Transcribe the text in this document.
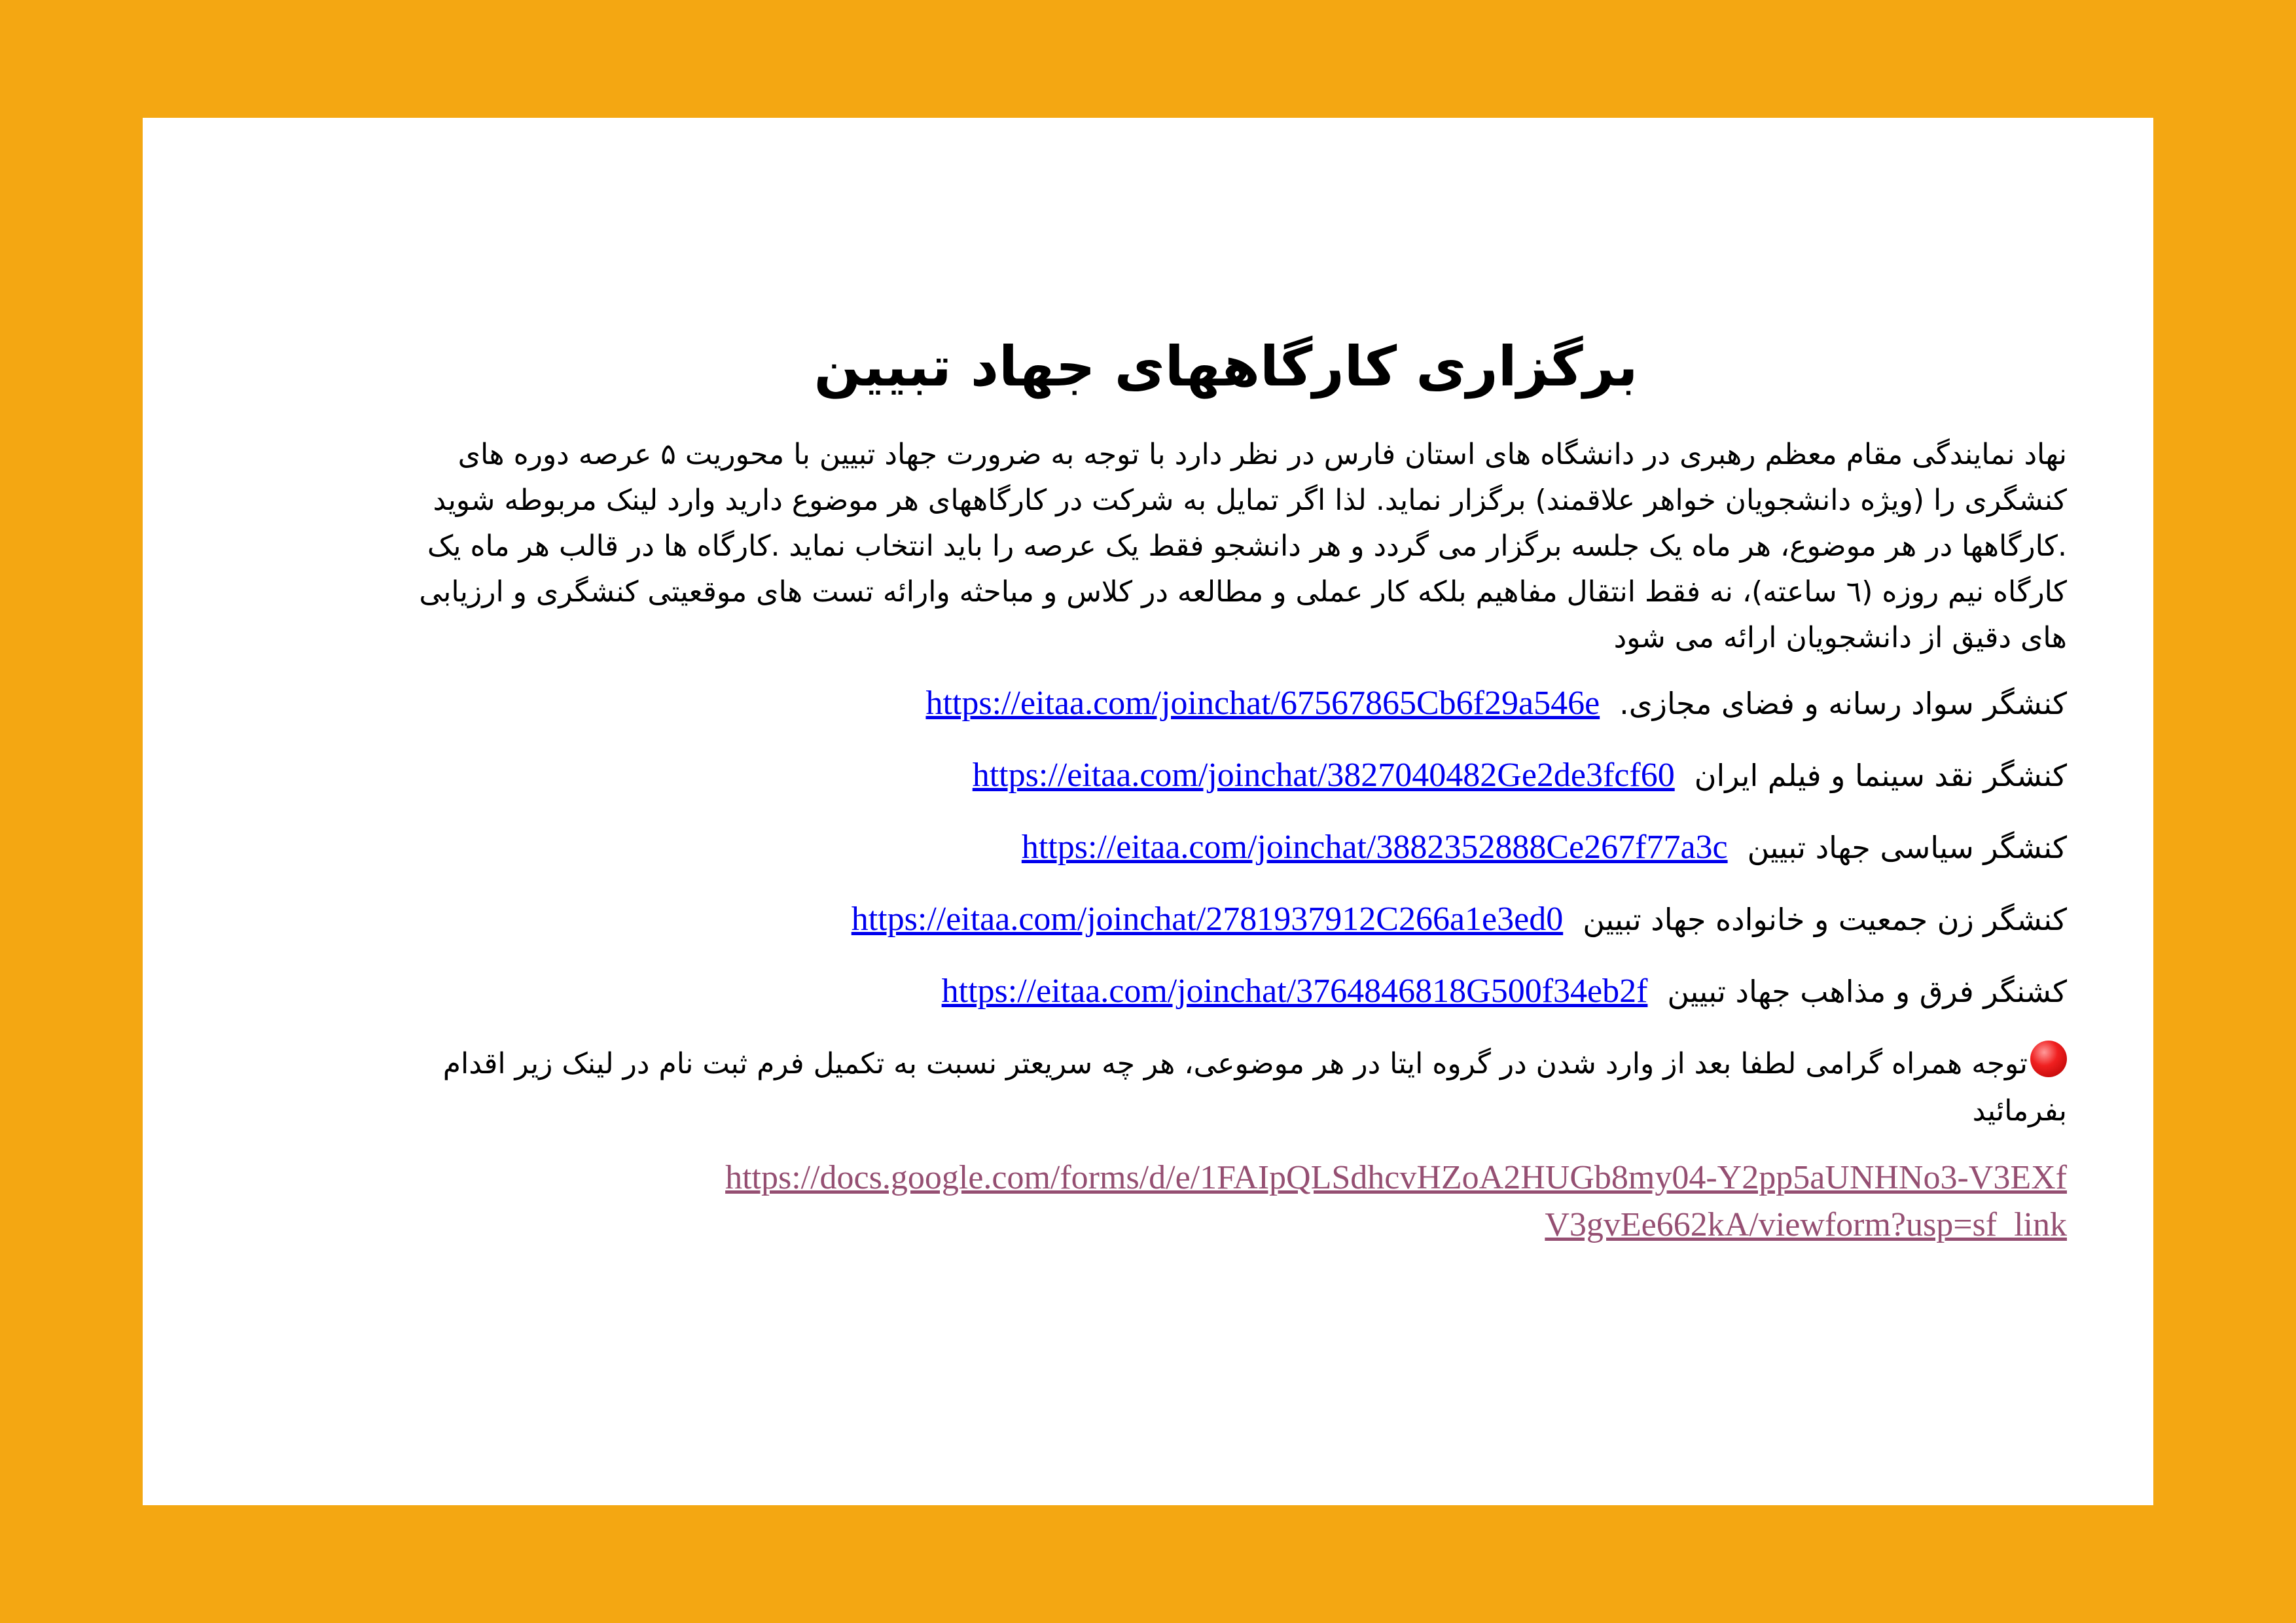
برگزاری کارگاههای جهاد تبیین

نهاد نمایندگی مقام معظم رهبری در دانشگاه های استان فارس در نظر دارد با توجه به ضرورت جهاد تبیین با محوریت ۵ عرصه دوره های کنشگری را (ویژه دانشجویان خواهر علاقمند) برگزار نماید. لذا اگر تمایل به شرکت در کارگاههای هر موضوع دارید وارد لینک مربوطه شوید .کارگاهها در هر موضوع، هر ماه یک جلسه برگزار می گردد و هر دانشجو فقط یک عرصه را باید انتخاب نماید .کارگاه ها در قالب هر ماه یک کارگاه نیم روزه (٦ ساعته)، نه فقط انتقال مفاهیم بلکه کار عملی و مطالعه در کلاس و مباحثه وارائه تست های موقعیتی کنشگری و ارزیابی های دقیق از دانشجویان ارائه می شود

کنشگر سواد رسانه و فضای مجازی.https://eitaa.com/joinchat/67567865Cb6f29a546e
کنشگر نقد سینما و فیلم ایرانhttps://eitaa.com/joinchat/3827040482Ge2de3fcf60
کنشگر سیاسی جهاد تبیینhttps://eitaa.com/joinchat/3882352888Ce267f77a3c
کنشگر زن جمعیت و خانواده جهاد تبیینhttps://eitaa.com/joinchat/2781937912C266a1e3ed0
کشنگر فرق و مذاهب جهاد تبیینhttps://eitaa.com/joinchat/3764846818G500f34eb2f

توجه همراه گرامی لطفا بعد از وارد شدن در گروه ایتا در هر موضوعی، هر چه سریعتر نسبت به تکمیل فرم ثبت نام در لینک زیر اقدام بفرمائید

https://docs.google.com/forms/d/e/1FAIpQLSdhcvHZoA2HUGb8my04-Y2pp5aUNHNo3-V3EXfV3gvEe662kA/viewform?usp=sf_link
